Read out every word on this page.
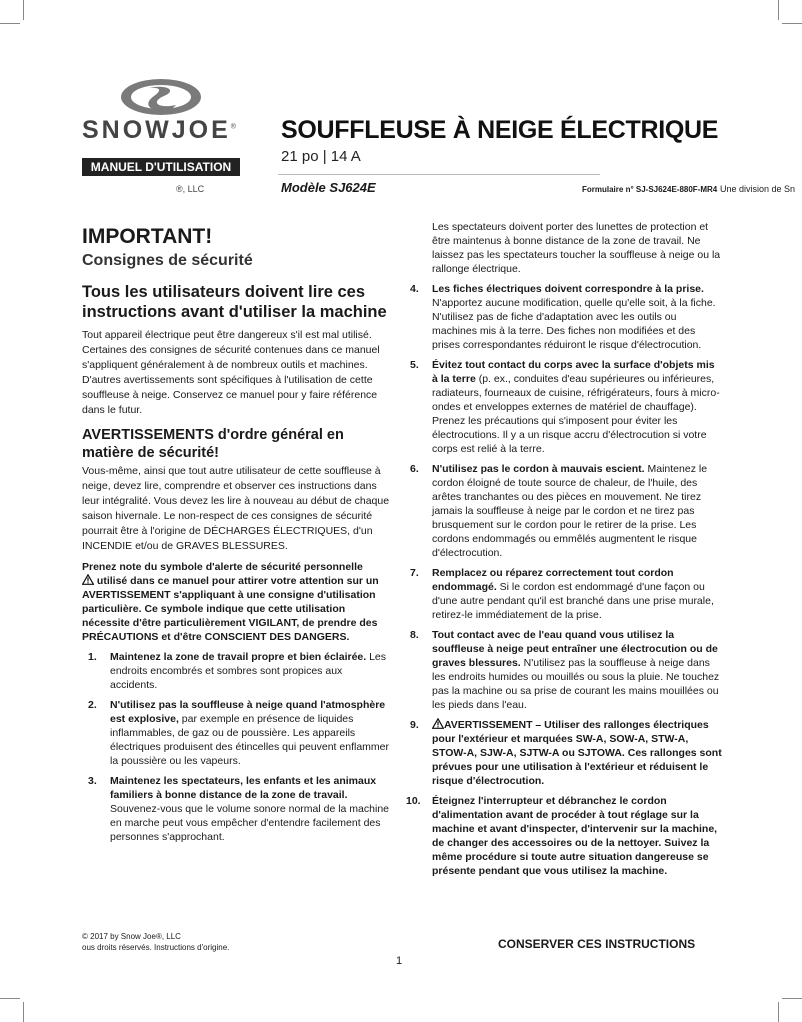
SNOWJOE®
MANUEL D'UTILISATION
SOUFFLEUSE À NEIGE ÉLECTRIQUE
21 po | 14 A
®, LLC	Modèle SJ624E	Formulaire n° SJ-SJ624E-880F-MR4 Une division de Sn

IMPORTANT!

Consignes de sécurité

Tous les utilisateurs doivent lire ces instructions avant d'utiliser la machine

Tout appareil électrique peut être dangereux s'il est mal utilisé. Certaines des consignes de sécurité contenues dans ce manuel s'appliquent généralement à de nombreux outils et machines. D'autres avertissements sont spécifiques à l'utilisation de cette souffleuse à neige. Conservez ce manuel pour y faire référence dans le futur.

AVERTISSEMENTS d'ordre général en matière de sécurité!

Vous-même, ainsi que tout autre utilisateur de cette souffleuse à neige, devez lire, comprendre et observer ces instructions dans leur intégralité. Vous devez les lire à nouveau au début de chaque saison hivernale. Le non-respect de ces consignes de sécurité pourrait être à l'origine de DÉCHARGES ÉLECTRIQUES, d'un INCENDIE et/ou de GRAVES BLESSURES.

Prenez note du symbole d'alerte de sécurité personnelle
utilisé dans ce manuel pour attirer votre attention sur un AVERTISSEMENT s'appliquant à une consigne d'utilisation particulière. Ce symbole indique que cette utilisation nécessite d'être particulièrement VIGILANT, de prendre des PRÉCAUTIONS et d'être CONSCIENT DES DANGERS.

1. Maintenez la zone de travail propre et bien éclairée. Les endroits encombrés et sombres sont propices aux accidents.
2. N'utilisez pas la souffleuse à neige quand l'atmosphère est explosive, par exemple en présence de liquides inflammables, de gaz ou de poussière. Les appareils électriques produisent des étincelles qui peuvent enflammer la poussière ou les vapeurs.
3. Maintenez les spectateurs, les enfants et les animaux familiers à bonne distance de la zone de travail. Souvenez-vous que le volume sonore normal de la machine en marche peut vous empêcher d'entendre facilement des personnes s'approchant.

Les spectateurs doivent porter des lunettes de protection et être maintenus à bonne distance de la zone de travail. Ne laissez pas les spectateurs toucher la souffleuse à neige ou la rallonge électrique.

4. Les fiches électriques doivent correspondre à la prise. N'apportez aucune modification, quelle qu'elle soit, à la fiche. N'utilisez pas de fiche d'adaptation avec les outils ou machines mis à la terre. Des fiches non modifiées et des prises correspondantes réduiront le risque d'électrocution.
5. Évitez tout contact du corps avec la surface d'objets mis à la terre (p. ex., conduites d'eau supérieures ou inférieures, radiateurs, fourneaux de cuisine, réfrigérateurs, fours à micro-ondes et enveloppes externes de matériel de chauffage). Prenez les précautions qui s'imposent pour éviter les électrocutions. Il y a un risque accru d'électrocution si votre corps est relié à la terre.
6. N'utilisez pas le cordon à mauvais escient. Maintenez le cordon éloigné de toute source de chaleur, de l'huile, des arêtes tranchantes ou des pièces en mouvement. Ne tirez jamais la souffleuse à neige par le cordon et ne tirez pas brusquement sur le cordon pour le retirer de la prise. Les cordons endommagés ou emmêlés augmentent le risque d'électrocution.
7. Remplacez ou réparez correctement tout cordon endommagé. Si le cordon est endommagé d'une façon ou d'une autre pendant qu'il est branché dans une prise murale, retirez-le immédiatement de la prise.
8. Tout contact avec de l'eau quand vous utilisez la souffleuse à neige peut entraîner une électrocution ou de graves blessures. N'utilisez pas la souffleuse à neige dans les endroits humides ou mouillés ou sous la pluie. Ne touchez pas la machine ou sa prise de courant les mains mouillées ou les pieds dans l'eau.
9. AVERTISSEMENT – Utiliser des rallonges électriques pour l'extérieur et marquées SW-A, SOW-A, STW-A, STOW-A, SJW-A, SJTW-A ou SJTOWA. Ces rallonges sont prévues pour une utilisation à l'extérieur et réduisent le risque d'électrocution.
10. Éteignez l'interrupteur et débranchez le cordon d'alimentation avant de procéder à tout réglage sur la machine et avant d'inspecter, d'intervenir sur la machine, de changer des accessoires ou de la nettoyer. Suivez la même procédure si toute autre situation dangereuse se présente pendant que vous utilisez la machine.
© 2017 by Snow Joe®, LLC
ous droits réservés. Instructions d'origine.	CONSERVER CES INSTRUCTIONS
1
